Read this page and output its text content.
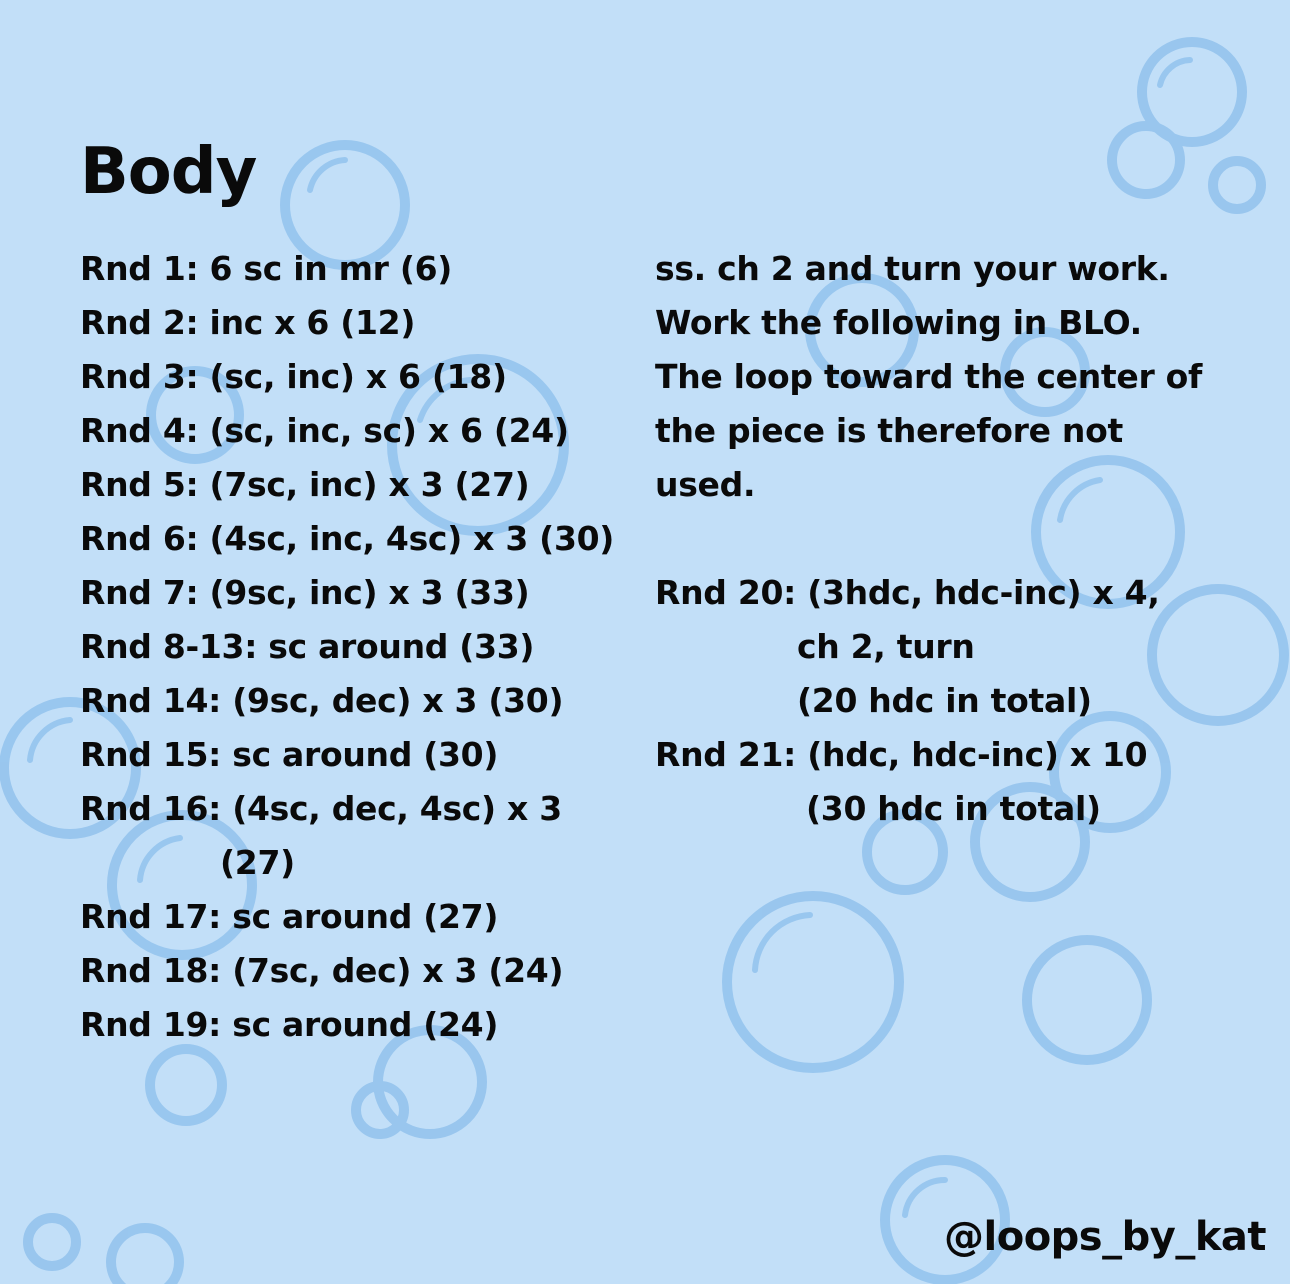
Body

Rnd 1: 6 sc in mr (6)

Rnd 2: inc x 6 (12)

Rnd 3: (sc, inc) x 6 (18)

Rnd 4: (sc, inc, sc) x 6 (24)

Rnd 5: (7sc, inc) x 3 (27)

Rnd 6: (4sc, inc, 4sc) x 3 (30)

Rnd 7: (9sc, inc) x 3 (33)

Rnd 8-13: sc around (33)

Rnd 14: (9sc, dec) x 3 (30)

Rnd 15: sc around (30)

Rnd 16: (4sc, dec, 4sc) x 3

(27)

Rnd 17: sc around (27)

Rnd 18: (7sc, dec) x 3 (24)

Rnd 19: sc around (24)

ss. ch 2 and turn your work.

Work the following in BLO.

The loop toward the center of

the piece is therefore not

used.

Rnd 20: (3hdc, hdc-inc) x 4,

ch 2, turn

(20 hdc in total)

Rnd 21: (hdc, hdc-inc) x 10

(30 hdc in total)

@loops_by_kat
